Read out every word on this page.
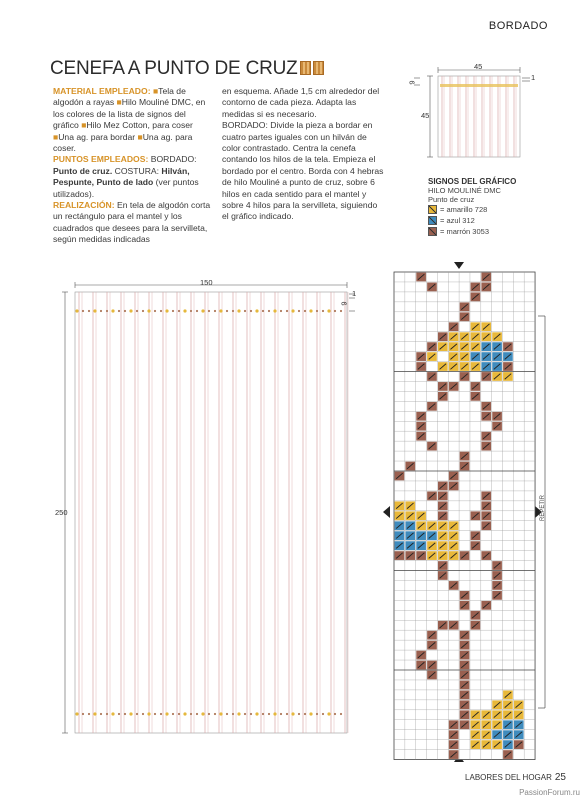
BORDADO
CENEFA A PUNTO DE CRUZ
MATERIAL EMPLEADO: ■Tela de algodón a rayas ■Hilo Mouliné DMC, en los colores de la lista de signos del gráfico ■Hilo Mez Cotton, para coser ■Una ag. para bordar ■Una ag. para coser.
PUNTOS EMPLEADOS: BORDADO: Punto de cruz. COSTURA: Hilván, Pespunte, Punto de lado (ver puntos utilizados).
REALIZACIÓN: En tela de algodón corta un rectángulo para el mantel y los cuadrados que desees para la servilleta, según medidas indicadas
en esquema. Añade 1,5 cm alrededor del contorno de cada pieza. Adapta las medidas si es necesario.
BORDADO: Divide la pieza a bordar en cuatro partes iguales con un hilván de color contrastado. Centra la cenefa contando los hilos de la tela. Empieza el bordado por el centro. Borda con 4 hebras de hilo Mouliné a punto de cruz, sobre 6 hilos en cada sentido para el mantel y sobre 4 hilos para la servilleta, siguiendo el gráfico indicado.
45
45
1
9
SIGNOS DEL GRÁFICO
HILO MOULINÉ DMC
Punto de cruz
= amarillo 728
= azul 312
= marrón 3053
150
250
1
9
REPETIR
LABORES DEL HOGAR 25
PassionForum.ru
